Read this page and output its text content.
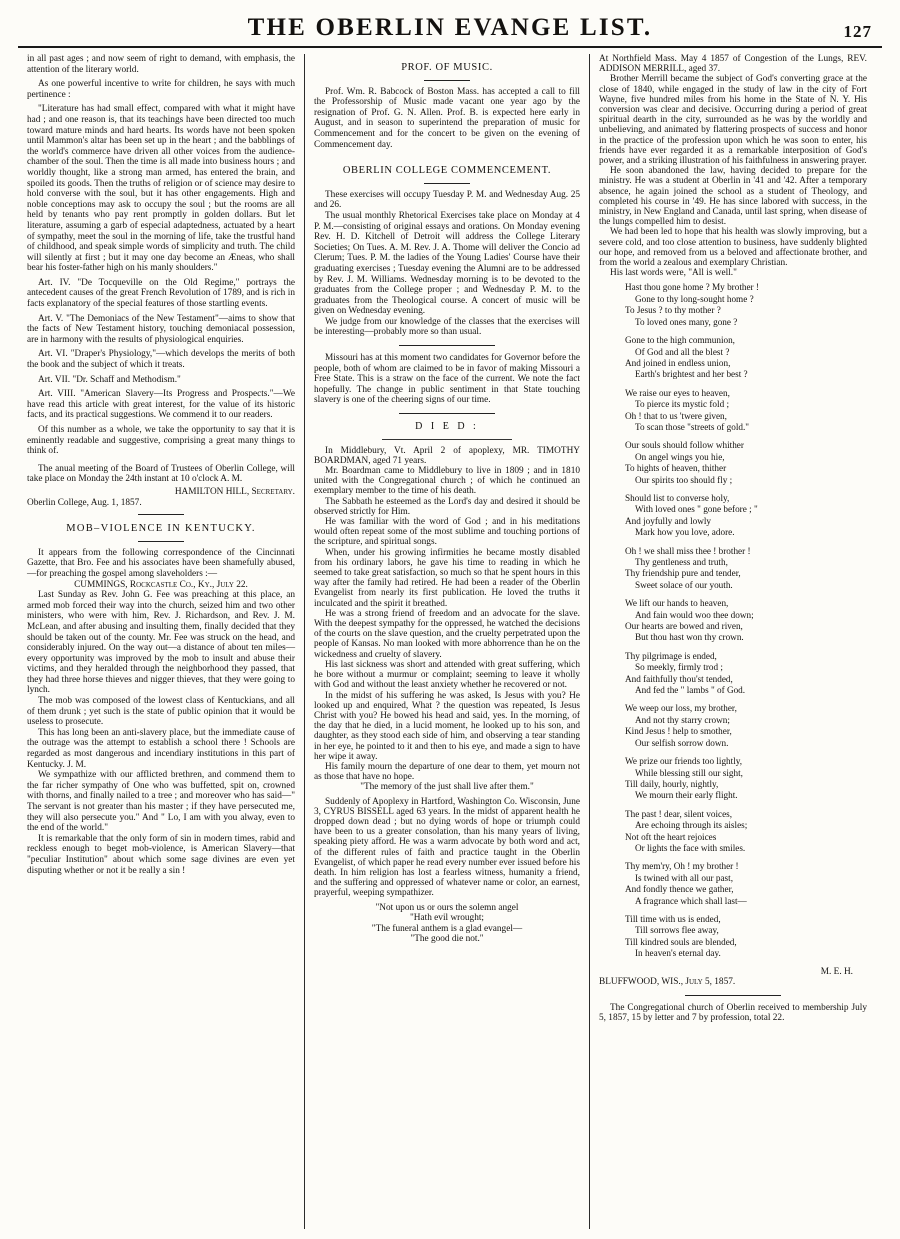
THE OBERLIN EVANGE LIST.	127

in all past ages ; and now seem of right to demand, with emphasis, the attention of the literary world.

As one powerful incentive to write for children, he says with much pertinence :

"Literature has had small effect, compared with what it might have had ; and one reason is, that its teachings have been directed too much toward mature minds and hard hearts. Its words have not been spoken until Mammon's altar has been set up in the heart ; and the babblings of the world's commerce have driven all other voices from the audience-chamber of the soul. Then the time is all made into business hours ; and worldly thought, like a strong man armed, has entered the brain, and spoiled its goods. Then the truths of religion or of science may desire to hold converse with the soul, but it has other engagements. High and noble conceptions may ask to occupy the soul ; but the rooms are all held by tenants who pay rent promptly in golden dollars. But let literature, assuming a garb of especial adaptedness, actuated by a heart of sympathy, meet the soul in the morning of life, take the trustful hand of childhood, and speak simple words of simplicity and truth. The child will silently at first ; but it may one day become an Æneas, who shall bear his foster-father high on his manly shoulders."

Art. IV. "De Tocqueville on the Old Regime," portrays the antecedent causes of the great French Revolution of 1789, and is rich in facts explanatory of the special features of those startling events.

Art. V. "The Demoniacs of the New Testament"—aims to show that the facts of New Testament history, touching demoniacal possession, are in harmony with the results of physiological enquiries.

Art. VI. "Draper's Physiology,"—which develops the merits of both the book and the subject of which it treats.

Art. VII. "Dr. Schaff and Methodism."

Art. VIII. "American Slavery—Its Progress and Prospects."—We have read this article with great interest, for the value of its historic facts, and its practical suggestions. We commend it to our readers.

Of this number as a whole, we take the opportunity to say that it is eminently readable and suggestive, comprising a great many things to think of.

The anual meeting of the Board of Trustees of Oberlin College, will take place on Monday the 24th instant at 10 o'clock A. M.

HAMILTON HILL, Secretary.

Oberlin College, Aug. 1, 1857.

MOB–VIOLENCE IN KENTUCKY.

It appears from the following correspondence of the Cincinnati Gazette, that Bro. Fee and his associates have been shamefully abused,—for preaching the gospel among slaveholders :—

CUMMINGS, Rockcastle Co., Ky., July 22.

Last Sunday as Rev. John G. Fee was preaching at this place, an armed mob forced their way into the church, seized him and two other ministers, who were with him, Rev. J. Richardson, and Rev. J. M. McLean, and after abusing and insulting them, finally decided that they should be taken out of the county. Mr. Fee was struck on the head, and considerably injured. On the way out—a distance of about ten miles—every opportunity was improved by the mob to insult and abuse their victims, and they heralded through the neighborhood they passed, that they had three horse thieves and nigger thieves, that they were going to lynch.

The mob was composed of the lowest class of Kentuckians, and all of them drunk ; yet such is the state of public opinion that it would be useless to prosecute.

This has long been an anti-slavery place, but the immediate cause of the outrage was the attempt to establish a school there ! Schools are regarded as most dangerous and incendiary institutions in this part of Kentucky. J. M.

We sympathize with our afflicted brethren, and commend them to the far richer sympathy of One who was buffetted, spit on, crowned with thorns, and finally nailed to a tree ; and moreover who has said—" The servant is not greater than his master ; if they have persecuted me, they will also persecute you." And " Lo, I am with you alway, even to the end of the world."

It is remarkable that the only form of sin in modern times, rabid and reckless enough to beget mob-violence, is American Slavery—that "peculiar Institution" about which some sage divines are even yet disputing whether or not it be really a sin !

PROF. OF MUSIC.

Prof. Wm. R. Babcock of Boston Mass. has accepted a call to fill the Professorship of Music made vacant one year ago by the resignation of Prof. G. N. Allen. Prof. B. is expected here early in August, and in season to superintend the preparation of music for Commencement and for the concert to be given on the evening of Commencement day.

OBERLIN COLLEGE COMMENCEMENT.

These exercises will occupy Tuesday P. M. and Wednesday Aug. 25 and 26.

The usual monthly Rhetorical Exercises take place on Monday at 4 P. M.—consisting of original essays and orations. On Monday evening Rev. H. D. Kitchell of Detroit will address the College Literary Societies; On Tues. A. M. Rev. J. A. Thome will deliver the Concio ad Clerum; Tues. P. M. the ladies of the Young Ladies' Course have their graduating exercises ; Tuesday evening the Alumni are to be addressed by Rev. J. M. Williams. Wednesday morning is to be devoted to the graduates from the College proper ; and Wednesday P. M. to the graduates from the Theological course. A concert of music will be given on Wednesday evening.

We judge from our knowledge of the classes that the exercises will be interesting—probably more so than usual.

Missouri has at this moment two candidates for Governor before the people, both of whom are claimed to be in favor of making Missouri a Free State. This is a straw on the face of the current. We note the fact hopefully. The change in public sentiment in that State touching slavery is one of the cheering signs of our time.

D I E D :

In Middlebury, Vt. April 2 of apoplexy, MR. TIMOTHY BOARDMAN, aged 71 years.

Mr. Boardman came to Middlebury to live in 1809 ; and in 1810 united with the Congregational church ; of which he continued an exemplary member to the time of his death.

The Sabbath he esteemed as the Lord's day and desired it should be observed strictly for Him.

He was familiar with the word of God ; and in his meditations would often repeat some of the most sublime and touching portions of the scripture, and spiritual songs.

When, under his growing infirmities he became mostly disabled from his ordinary labors, he gave his time to reading in which he seemed to take great satisfaction, so much so that he spent hours in this way after the family had retired. He had been a reader of the Oberlin Evangelist from nearly its first publication. He loved the truths it inculcated and the spirit it breathed.

He was a strong friend of freedom and an advocate for the slave. With the deepest sympathy for the oppressed, he watched the decisions of the courts on the slave question, and the cruelty perpetrated upon the people of Kansas. No man looked with more abhorrence than he on the wickedness and cruelty of slavery.

His last sickness was short and attended with great suffering, which he bore without a murmur or complaint; seeming to leave it wholly with God and without the least anxiety whether he recovered or not.

In the midst of his suffering he was asked, Is Jesus with you? He looked up and enquired, What ? the question was repeated, Is Jesus Christ with you? He bowed his head and said, yes. In the morning, of the day that he died, in a lucid moment, he looked up to his son, and daughter, as they stood each side of him, and observing a tear standing in her eye, he pointed to it and then to his eye, and made a sign to have her wipe it away.

His family mourn the departure of one dear to them, yet mourn not as those that have no hope.

"The memory of the just shall live after them."

Suddenly of Apoplexy in Hartford, Washington Co. Wisconsin, June 3, CYRUS BISSELL aged 63 years. In the midst of apparent health he dropped down dead ; but no dying words of hope or triumph could have been to us a greater consolation, than his many years of living, speaking piety afford. He was a warm advocate by both word and act, of the different rules of faith and practice taught in the Oberlin Evangelist, of which paper he read every number ever issued before his death. In him religion has lost a fearless witness, humanity a friend, and the suffering and oppressed of whatever name or color, an earnest, prayerful, weeping sympathizer.

"Not upon us or ours the solemn angel
"Hath evil wrought;
"The funeral anthem is a glad evangel—
"The good die not."

At Northfield Mass. May 4 1857 of Congestion of the Lungs, REV. ADDISON MERRILL, aged 37.

Brother Merrill became the subject of God's converting grace at the close of 1840, while engaged in the study of law in the city of Fort Wayne, five hundred miles from his home in the State of N. Y. His conversion was clear and decisive. Occurring during a period of great spiritual dearth in the city, surrounded as he was by the worldly and unbelieving, and animated by flattering prospects of success and honor in the practice of the profession upon which he was soon to enter, his friends have ever regarded it as a remarkable interposition of God's power, and a striking illustration of his faithfulness in answering prayer.

He soon abandoned the law, having decided to prepare for the ministry. He was a student at Oberlin in '41 and '42. After a temporary absence, he again joined the school as a student of Theology, and completed his course in '49. He has since labored with success, in the ministry, in New England and Canada, until last spring, when disease of the lungs compelled him to desist.

We had been led to hope that his health was slowly improving, but a severe cold, and too close attention to business, have suddenly blighted our hope, and removed from us a beloved and affectionate brother, and from the world a zealous and exemplary Christian.

His last words were, "All is well."

Hast thou gone home ? My brother !
Gone to thy long-sought home ?
To Jesus ? to thy mother ?
To loved ones many, gone ?
Gone to the high communion,
Of God and all the blest ?
And joined in endless union,
Earth's brightest and her best ?
We raise our eyes to heaven,
To pierce its mystic fold ;
Oh ! that to us 'twere given,
To scan those "streets of gold."
Our souls should follow whither
On angel wings you hie,
To hights of heaven, thither
Our spirits too should fly ;
Should list to converse holy,
With loved ones " gone before ; "
And joyfully and lowly
Mark how you love, adore.
Oh ! we shall miss thee ! brother !
Thy gentleness and truth,
Thy friendship pure and tender,
Sweet solace of our youth.
We lift our hands to heaven,
And fain would woo thee down;
Our hearts are bowed and riven,
But thou hast won thy crown.
Thy pilgrimage is ended,
So meekly, firmly trod ;
And faithfully thou'st tended,
And fed the " lambs " of God.
We weep our loss, my brother,
And not thy starry crown;
Kind Jesus ! help to smother,
Our selfish sorrow down.
We prize our friends too lightly,
While blessing still our sight,
Till daily, hourly, nightly,
We mourn their early flight.
The past ! dear, silent voices,
Are echoing through its aisles;
Not oft the heart rejoices
Or lights the face with smiles.
Thy mem'ry, Oh ! my brother !
Is twined with all our past,
And fondly thence we gather,
A fragrance which shall last—
Till time with us is ended,
Till sorrows flee away,
Till kindred souls are blended,
In heaven's eternal day.
M. E. H.
BLUFFWOOD, WIS., July 5, 1857.

The Congregational church of Oberlin received to membership July 5, 1857, 15 by letter and 7 by profession, total 22.
